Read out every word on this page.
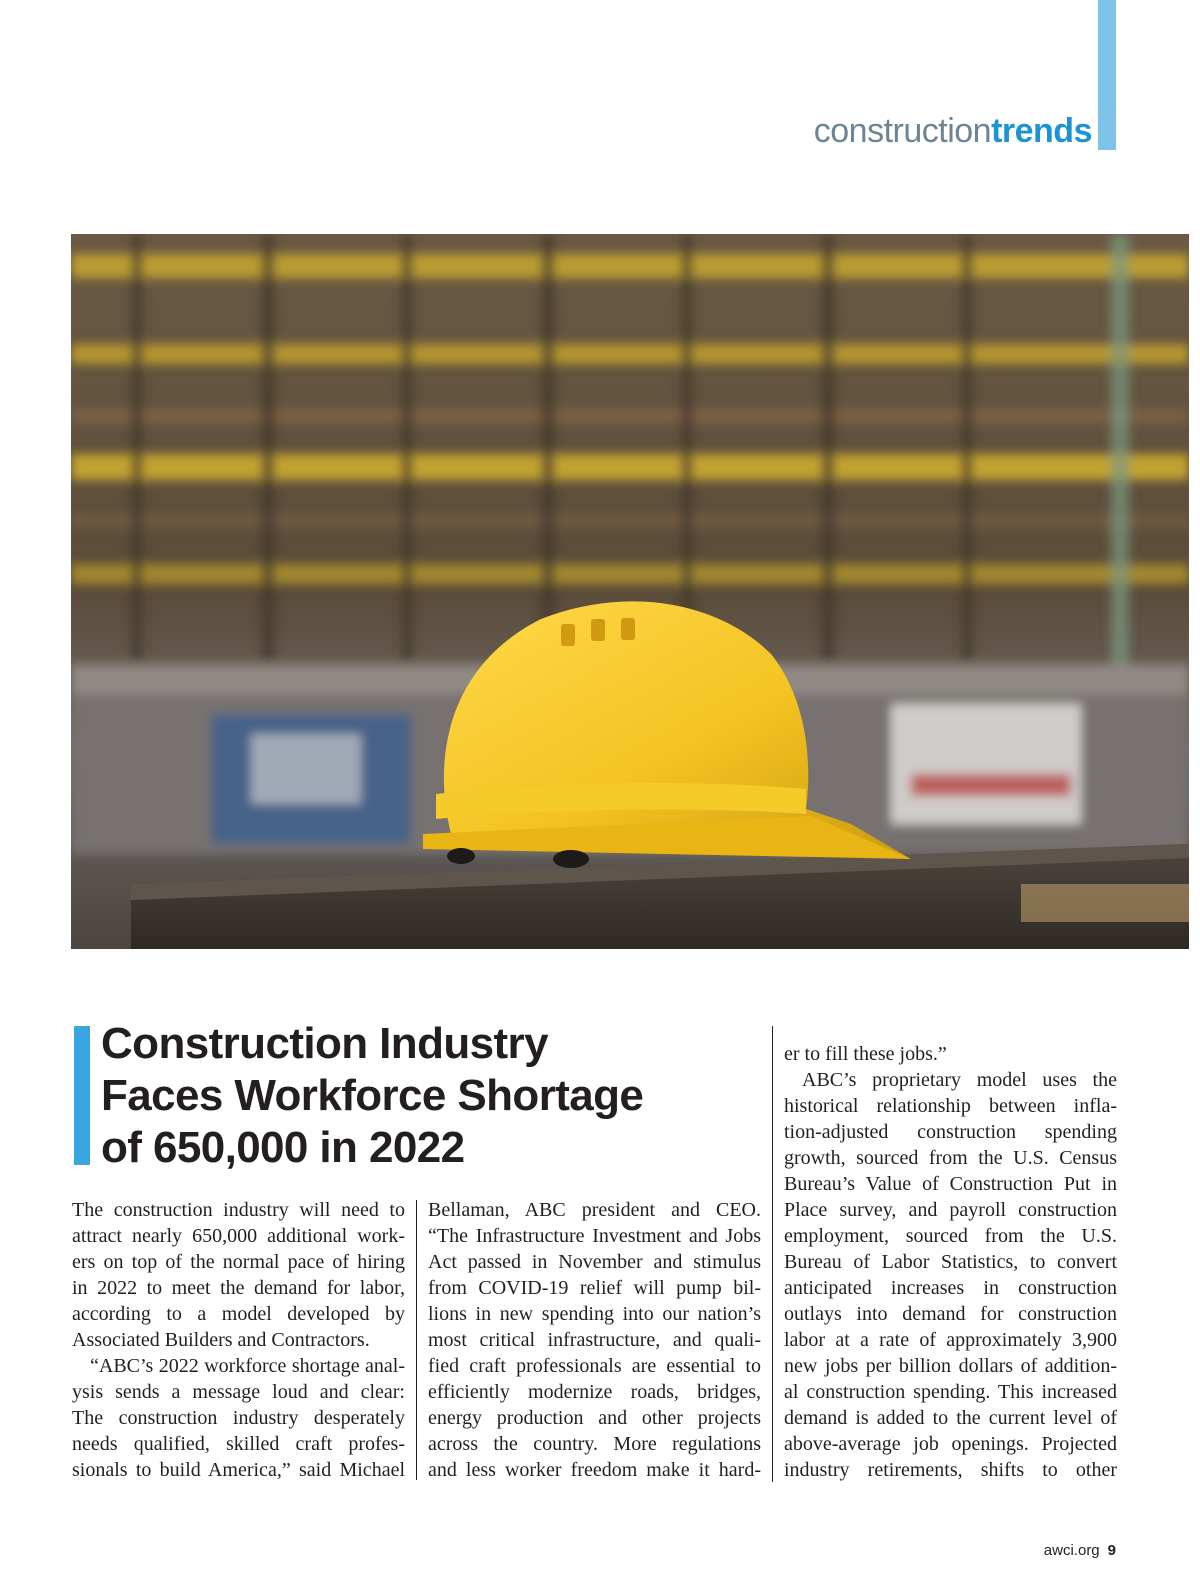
constructiontrends
Construction Industry
Faces Workforce Shortage
of 650,000 in 2022
The construction industry will need to
attract nearly 650,000 additional work-
ers on top of the normal pace of hiring
in 2022 to meet the demand for labor,
according to a model developed by
Associated Builders and Contractors.
“ABC’s 2022 workforce shortage anal-
ysis sends a message loud and clear:
The construction industry desperately
needs qualified, skilled craft profes-
sionals to build America,” said Michael
Bellaman, ABC president and CEO.
“The Infrastructure Investment and Jobs
Act passed in November and stimulus
from COVID-19 relief will pump bil-
lions in new spending into our nation’s
most critical infrastructure, and quali-
fied craft professionals are essential to
efficiently modernize roads, bridges,
energy production and other projects
across the country. More regulations
and less worker freedom make it hard-
er to fill these jobs.”
ABC’s proprietary model uses the
historical relationship between infla-
tion-adjusted construction spending
growth, sourced from the U.S. Census
Bureau’s Value of Construction Put in
Place survey, and payroll construction
employment, sourced from the U.S.
Bureau of Labor Statistics, to convert
anticipated increases in construction
outlays into demand for construction
labor at a rate of approximately 3,900
new jobs per billion dollars of addition-
al construction spending. This increased
demand is added to the current level of
above-average job openings. Projected
industry retirements, shifts to other
awci.org 9
